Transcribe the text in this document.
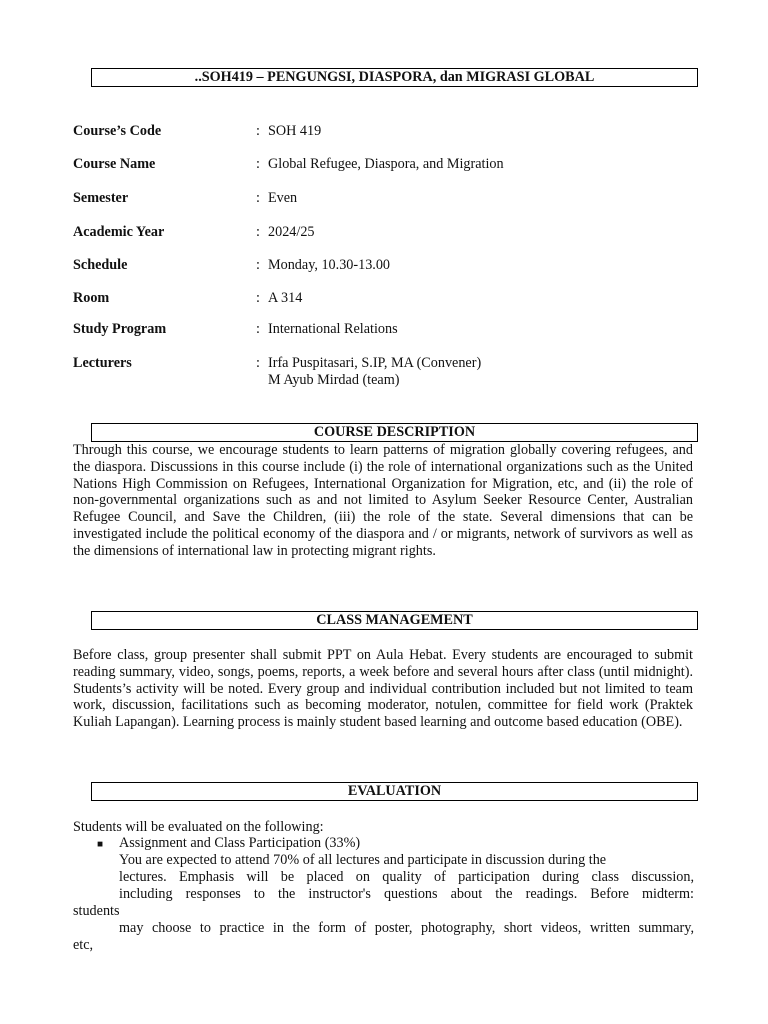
..SOH419 – PENGUNGSI, DIASPORA, dan MIGRASI GLOBAL
Course’s Code	: SOH 419
Course Name	: Global Refugee, Diaspora, and Migration
Semester	: Even
Academic Year	: 2024/25
Schedule	: Monday, 10.30-13.00
Room	: A 314
Study Program	: International Relations
Lecturers	: Irfa Puspitasari, S.IP, MA (Convener)
M Ayub Mirdad (team)
COURSE DESCRIPTION
Through this course, we encourage students to learn patterns of migration globally covering refugees, and the diaspora. Discussions in this course include (i) the role of international organizations such as the United Nations High Commission on Refugees, International Organization for Migration, etc, and (ii) the role of non-governmental organizations such as and not limited to Asylum Seeker Resource Center, Australian Refugee Council, and Save the Children, (iii) the role of the state. Several dimensions that can be investigated include the political economy of the diaspora and / or migrants, network of survivors as well as the dimensions of international law in protecting migrant rights.
CLASS MANAGEMENT
Before class, group presenter shall submit PPT on Aula Hebat. Every students are encouraged to submit reading summary, video, songs, poems, reports, a week before and several hours after class (until midnight). Students’s activity will be noted. Every group and individual contribution included but not limited to team work, discussion, facilitations such as becoming moderator, notulen, committee for field work (Praktek Kuliah Lapangan). Learning process is mainly student based learning and outcome based education (OBE).
EVALUATION
Students will be evaluated on the following:
■ Assignment and Class Participation (33%)
You are expected to attend 70% of all lectures and participate in discussion during the
lectures. Emphasis will be placed on quality of participation during class discussion,
including responses to the instructor's questions about the readings. Before midterm:
students
may choose to practice in the form of poster, photography, short videos, written summary,
etc,
